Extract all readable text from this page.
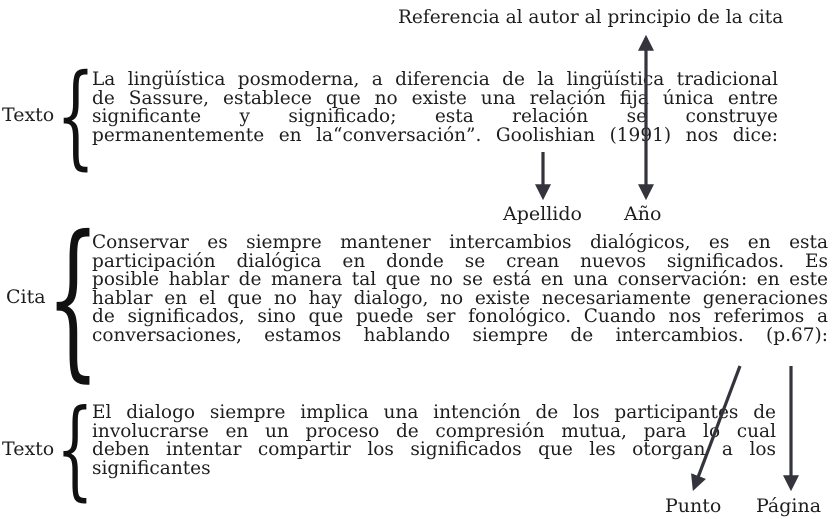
Referencia al autor al principio de la cita
Texto {
La lingüística posmoderna, a diferencia de la lingüística tradicional
de Sassure, establece que no existe una relación fija única entre
significante y significado; esta relación se construye
permanentemente en la“conversación”. Goolishian (1991) nos dice:
Apellido Año
Cita {
Conservar es siempre mantener intercambios dialógicos, es en esta
participación dialógica en donde se crean nuevos significados. Es
posible hablar de manera tal que no se está en una conservación: en este
hablar en el que no hay dialogo, no existe necesariamente generaciones
de significados, sino que puede ser fonológico. Cuando nos referimos a
conversaciones, estamos hablando siempre de intercambios. (p.67):
Texto {
El dialogo siempre implica una intención de los participantes de
involucrarse en un proceso de compresión mutua, para lo cual
deben intentar compartir los significados que les otorgan a los
significantes
Punto Página
